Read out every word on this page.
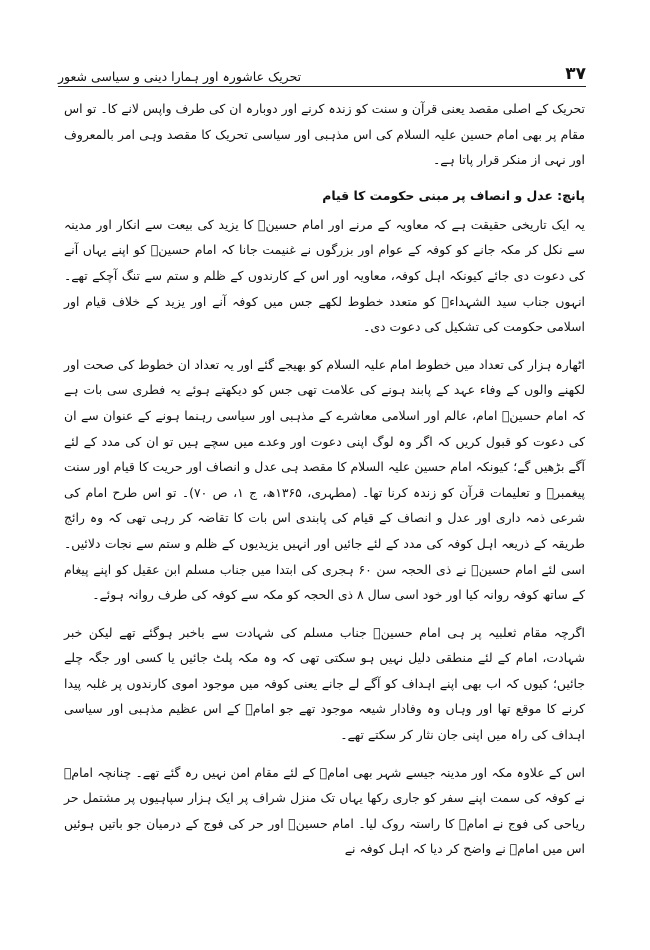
تحریک عاشورہ اور ہمارا دینی و سیاسی شعور	۳۷

تحریک کے اصلی مقصد یعنی قرآن و سنت کو زندہ کرنے اور دوبارہ ان کی طرف واپس لانے کا۔ تو اس مقام پر بھی امام حسین علیہ السلام کی اس مذہبی اور سیاسی تحریک کا مقصد وہی امر بالمعروف اور نہی از منکر قرار پاتا ہے۔

پانچ: عدل و انصاف پر مبنی حکومت کا قیام

یہ ایک تاریخی حقیقت ہے کہ معاویہ کے مرنے اور امام حسینؑ کا یزید کی بیعت سے انکار اور مدینہ سے نکل کر مکہ جانے کو کوفہ کے عوام اور بزرگوں نے غنیمت جانا کہ امام حسینؑ کو اپنے یہاں آنے کی دعوت دی جائے کیونکہ اہل کوفہ، معاویہ اور اس کے کارندوں کے ظلم و ستم سے تنگ آچکے تھے۔ انہوں جناب سید الشہداءؑ کو متعدد خطوط لکھے جس میں کوفہ آنے اور یزید کے خلاف قیام اور اسلامی حکومت کی تشکیل کی دعوت دی۔

اٹھارہ ہزار کی تعداد میں خطوط امام علیہ السلام کو بھیجے گئے اور یہ تعداد ان خطوط کی صحت اور لکھنے والوں کے وفاء عہد کے پابند ہونے کی علامت تھی جس کو دیکھتے ہوئے یہ فطری سی بات ہے کہ امام حسینؑ امام، عالم اور اسلامی معاشرے کے مذہبی اور سیاسی رہنما ہونے کے عنوان سے ان کی دعوت کو قبول کریں کہ اگر وہ لوگ اپنی دعوت اور وعدے میں سچے ہیں تو ان کی مدد کے لئے آگے بڑھیں گے؛ کیونکہ امام حسین علیہ السلام کا مقصد ہی عدل و انصاف اور حریت کا قیام اور سنت پیغمبرؐ و تعلیمات قرآن کو زندہ کرنا تھا۔ (مطہری، ۱۳۶۵ھ، ج ۱، ص ۷۰)۔ تو اس طرح امام کی شرعی ذمہ داری اور عدل و انصاف کے قیام کی پابندی اس بات کا تقاضہ کر رہی تھی کہ وہ رائج طریقہ کے ذریعہ اہل کوفہ کی مدد کے لئے جائیں اور انہیں یزیدیوں کے ظلم و ستم سے نجات دلائیں۔ اسی لئے امام حسینؑ نے ذی الحجہ سن ۶۰ ہجری کی ابتدا میں جناب مسلم ابن عقیل کو اپنے پیغام کے ساتھ کوفہ روانہ کیا اور خود اسی سال ۸ ذی الحجہ کو مکہ سے کوفہ کی طرف روانہ ہوئے۔

اگرچہ مقام ثعلبیہ پر ہی امام حسینؑ جناب مسلم کی شہادت سے باخبر ہوگئے تھے لیکن خبر شہادت، امام کے لئے منطقی دلیل نہیں ہو سکتی تھی کہ وہ مکہ پلٹ جائیں یا کسی اور جگہ چلے جائیں؛ کیوں کہ اب بھی اپنے اہداف کو آگے لے جانے یعنی کوفہ میں موجود اموی کارندوں پر غلبہ پیدا کرنے کا موقع تھا اور وہاں وہ وفادار شیعہ موجود تھے جو امامؑ کے اس عظیم مذہبی اور سیاسی اہداف کی راہ میں اپنی جان نثار کر سکتے تھے۔

اس کے علاوہ مکہ اور مدینہ جیسے شہر بھی امامؑ کے لئے مقام امن نہیں رہ گئے تھے۔ چنانچہ امامؑ نے کوفہ کی سمت اپنے سفر کو جاری رکھا یہاں تک منزل شراف پر ایک ہزار سپاہیوں پر مشتمل حر ریاحی کی فوج نے امامؑ کا راستہ روک لیا۔ امام حسینؑ اور حر کی فوج کے درمیان جو باتیں ہوئیں اس میں امامؑ نے واضح کر دیا کہ اہل کوفہ نے
